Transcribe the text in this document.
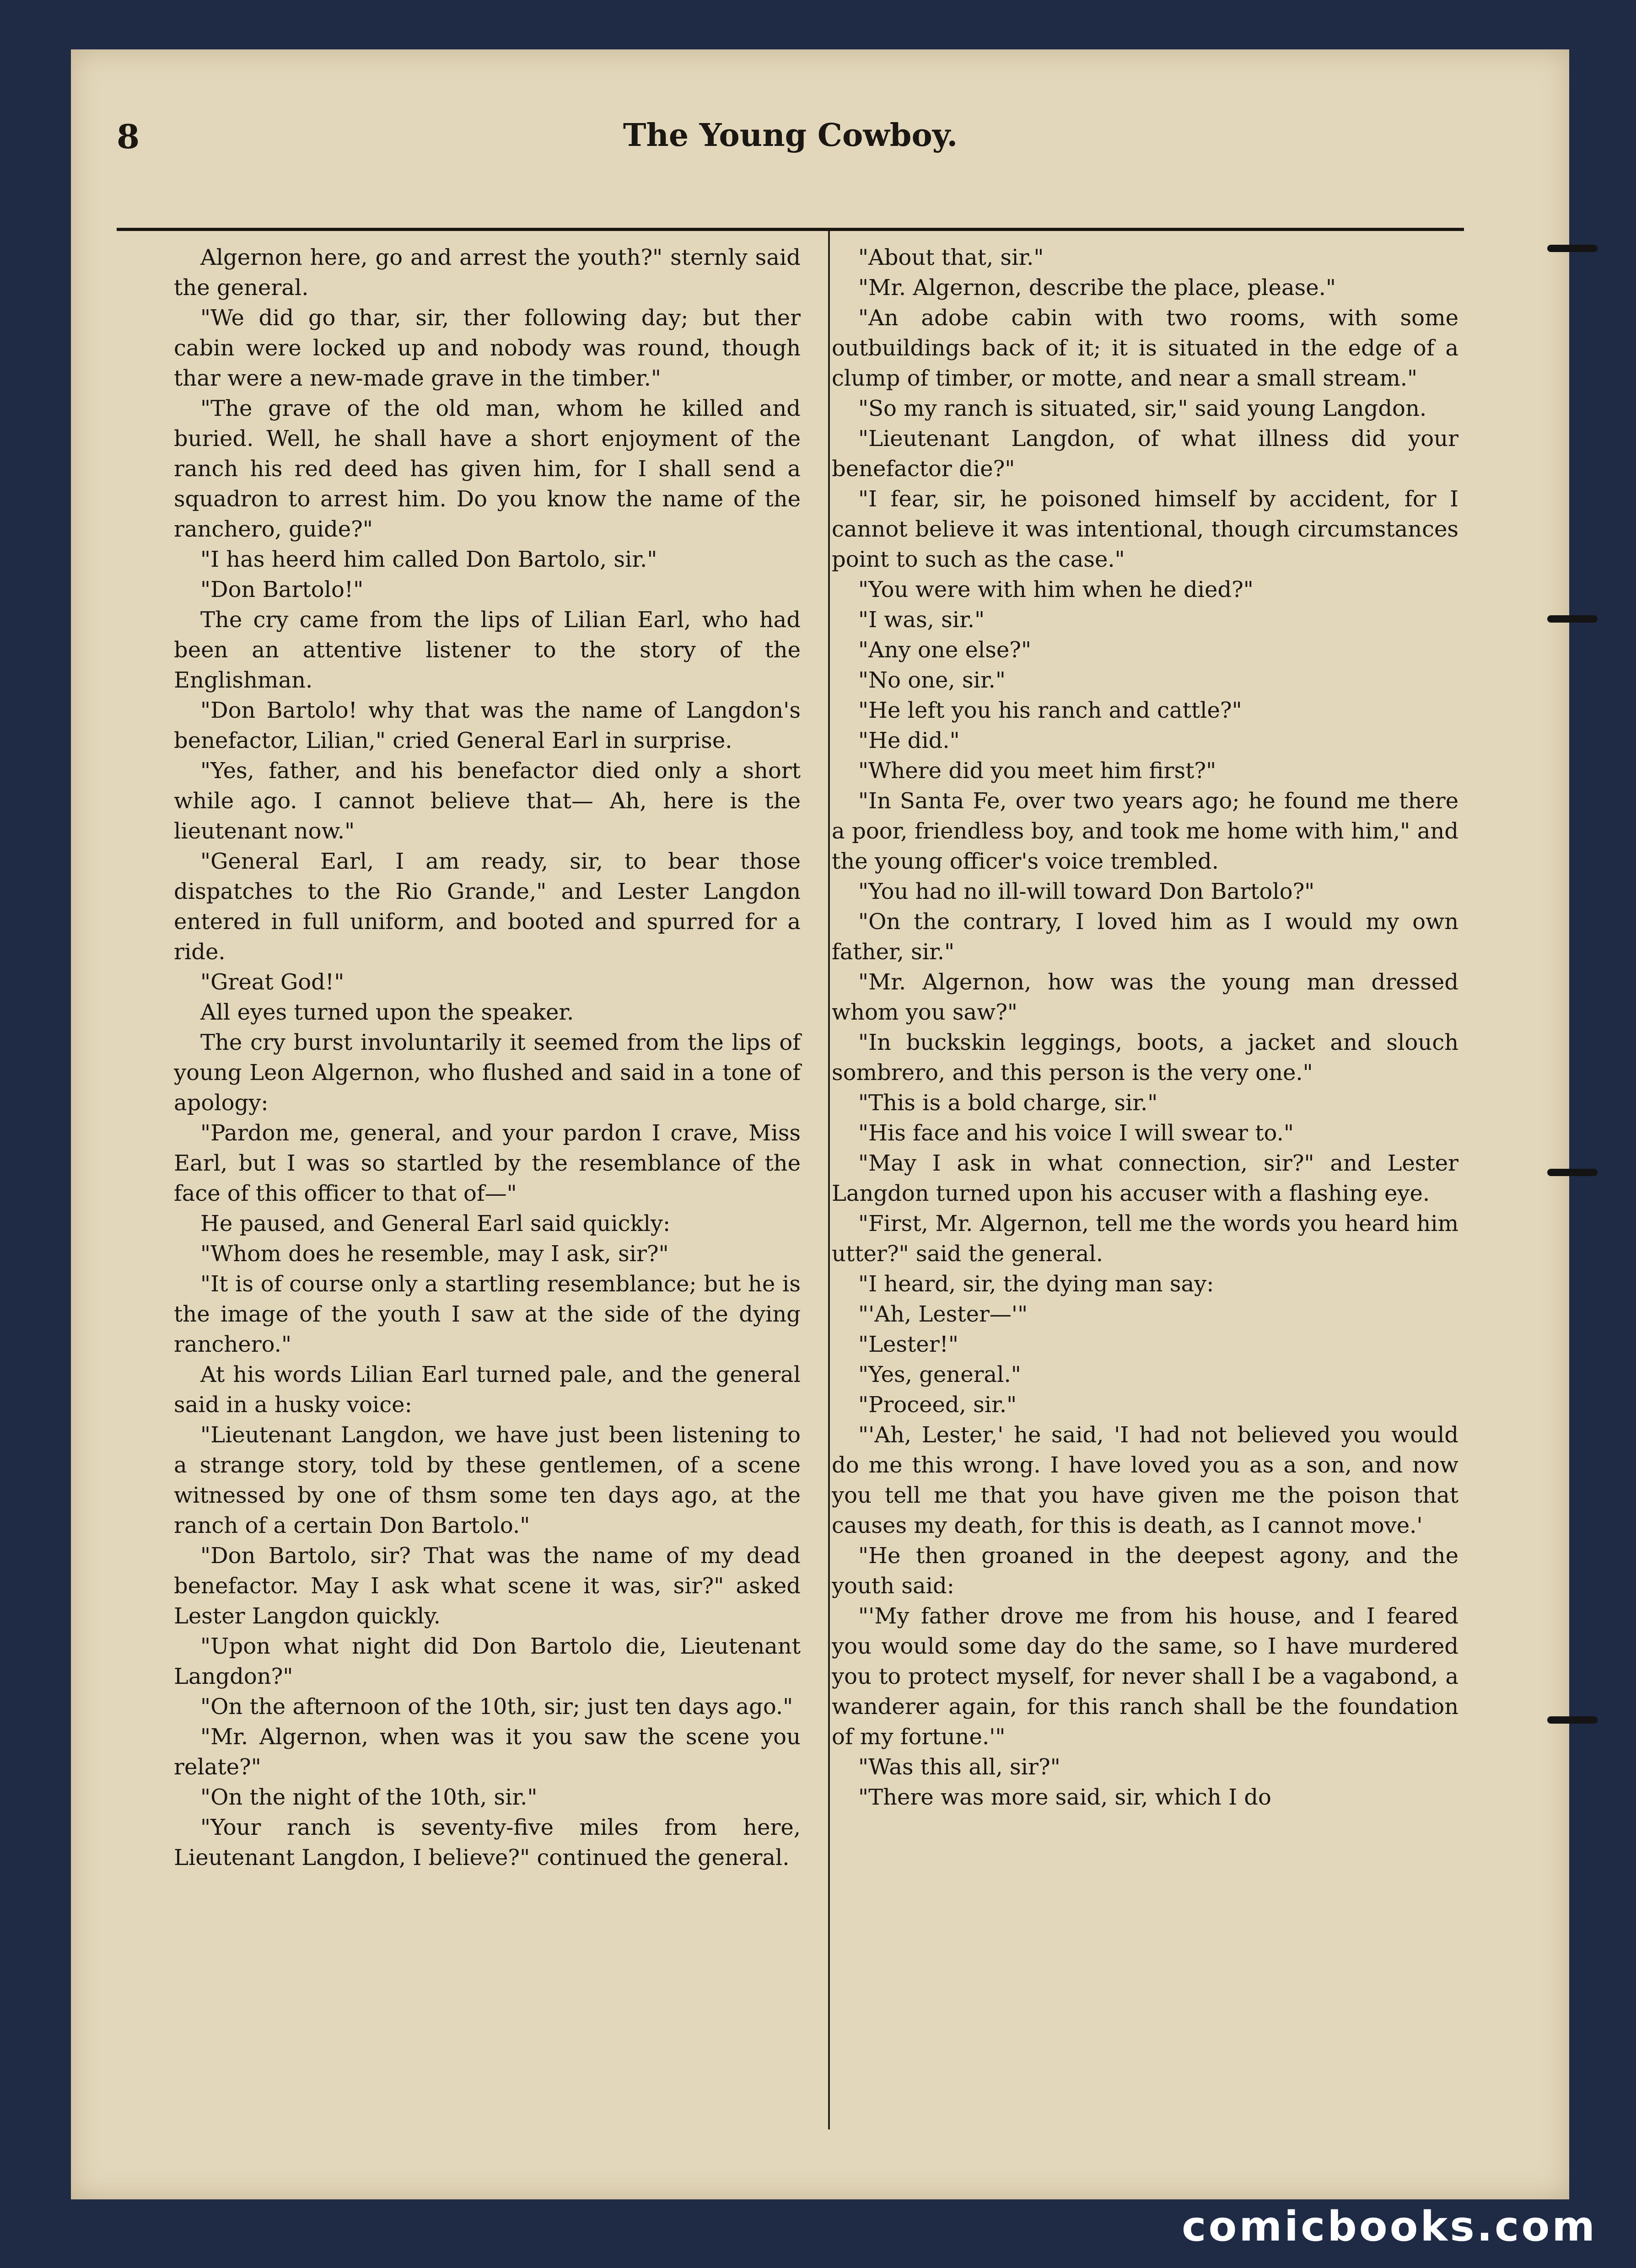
8	The Young Cowboy.

Algernon here, go and arrest the youth?" sternly said the general.

"We did go thar, sir, ther following day; but ther cabin were locked up and nobody was round, though thar were a new-made grave in the timber."

"The grave of the old man, whom he killed and buried. Well, he shall have a short enjoyment of the ranch his red deed has given him, for I shall send a squadron to arrest him. Do you know the name of the ranchero, guide?"

"I has heerd him called Don Bartolo, sir."

"Don Bartolo!"

The cry came from the lips of Lilian Earl, who had been an attentive listener to the story of the Englishman.

"Don Bartolo! why that was the name of Langdon's benefactor, Lilian," cried General Earl in surprise.

"Yes, father, and his benefactor died only a short while ago. I cannot believe that— Ah, here is the lieutenant now."

"General Earl, I am ready, sir, to bear those dispatches to the Rio Grande," and Lester Langdon entered in full uniform, and booted and spurred for a ride.

"Great God!"

All eyes turned upon the speaker.

The cry burst involuntarily it seemed from the lips of young Leon Algernon, who flushed and said in a tone of apology:

"Pardon me, general, and your pardon I crave, Miss Earl, but I was so startled by the resemblance of the face of this officer to that of—"

He paused, and General Earl said quickly:

"Whom does he resemble, may I ask, sir?"

"It is of course only a startling resemblance; but he is the image of the youth I saw at the side of the dying ranchero."

At his words Lilian Earl turned pale, and the general said in a husky voice:

"Lieutenant Langdon, we have just been listening to a strange story, told by these gentlemen, of a scene witnessed by one of thsm some ten days ago, at the ranch of a certain Don Bartolo."

"Don Bartolo, sir? That was the name of my dead benefactor. May I ask what scene it was, sir?" asked Lester Langdon quickly.

"Upon what night did Don Bartolo die, Lieutenant Langdon?"

"On the afternoon of the 10th, sir; just ten days ago."

"Mr. Algernon, when was it you saw the scene you relate?"

"On the night of the 10th, sir."

"Your ranch is seventy-five miles from here, Lieutenant Langdon, I believe?" continued the general.

"About that, sir."

"Mr. Algernon, describe the place, please."

"An adobe cabin with two rooms, with some outbuildings back of it; it is situated in the edge of a clump of timber, or motte, and near a small stream."

"So my ranch is situated, sir," said young Langdon.

"Lieutenant Langdon, of what illness did your benefactor die?"

"I fear, sir, he poisoned himself by accident, for I cannot believe it was intentional, though circumstances point to such as the case."

"You were with him when he died?"

"I was, sir."

"Any one else?"

"No one, sir."

"He left you his ranch and cattle?"

"He did."

"Where did you meet him first?"

"In Santa Fe, over two years ago; he found me there a poor, friendless boy, and took me home with him," and the young officer's voice trembled.

"You had no ill-will toward Don Bartolo?"

"On the contrary, I loved him as I would my own father, sir."

"Mr. Algernon, how was the young man dressed whom you saw?"

"In buckskin leggings, boots, a jacket and slouch sombrero, and this person is the very one."

"This is a bold charge, sir."

"His face and his voice I will swear to."

"May I ask in what connection, sir?" and Lester Langdon turned upon his accuser with a flashing eye.

"First, Mr. Algernon, tell me the words you heard him utter?" said the general.

"I heard, sir, the dying man say:

"'Ah, Lester—'"

"Lester!"

"Yes, general."

"Proceed, sir."

"'Ah, Lester,' he said, 'I had not believed you would do me this wrong. I have loved you as a son, and now you tell me that you have given me the poison that causes my death, for this is death, as I cannot move.'

"He then groaned in the deepest agony, and the youth said:

"'My father drove me from his house, and I feared you would some day do the same, so I have murdered you to protect myself, for never shall I be a vagabond, a wanderer again, for this ranch shall be the foundation of my fortune.'"

"Was this all, sir?"

"There was more said, sir, which I do

comicbooks.com
